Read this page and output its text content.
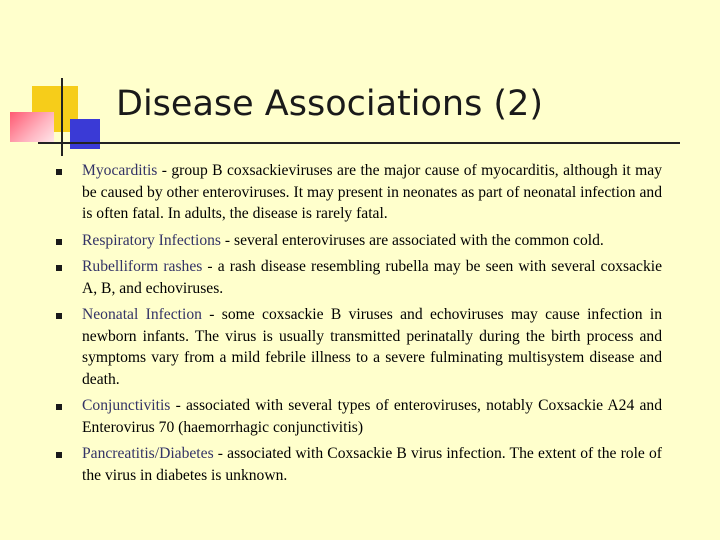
Disease Associations (2)
Myocarditis - group B coxsackieviruses are the major cause of myocarditis, although it may be caused by other enteroviruses. It may present in neonates as part of neonatal infection and is often fatal. In adults, the disease is rarely fatal.
Respiratory Infections - several enteroviruses are associated with the common cold.
Rubelliform rashes - a rash disease resembling rubella may be seen with several coxsackie A, B, and echoviruses.
Neonatal Infection - some coxsackie B viruses and echoviruses may cause infection in newborn infants. The virus is usually transmitted perinatally during the birth process and symptoms vary from a mild febrile illness to a severe fulminating multisystem disease and death.
Conjunctivitis - associated with several types of enteroviruses, notably Coxsackie A24 and Enterovirus 70 (haemorrhagic conjunctivitis)
Pancreatitis/Diabetes - associated with Coxsackie B virus infection. The extent of the role of the virus in diabetes is unknown.
